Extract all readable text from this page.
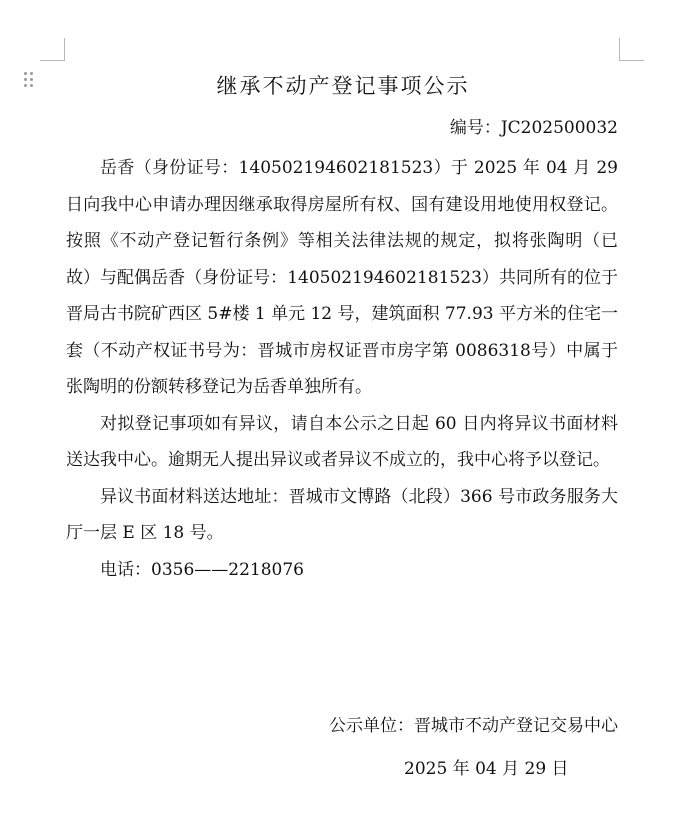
继承不动产登记事项公示
编号：JC202500032

岳香（身份证号：140502194602181523）于 2025 年 04 月 29 日向我中心申请办理因继承取得房屋所有权、国有建设用地使用权登记。按照《不动产登记暂行条例》等相关法律法规的规定，拟将张陶明（已故）与配偶岳香（身份证号：140502194602181523）共同所有的位于晋局古书院矿西区 5#楼 1 单元 12 号，建筑面积 77.93 平方米的住宅一套（不动产权证书号为：晋城市房权证晋市房字第 0086318号）中属于张陶明的份额转移登记为岳香单独所有。

对拟登记事项如有异议，请自本公示之日起 60 日内将异议书面材料送达我中心。逾期无人提出异议或者异议不成立的，我中心将予以登记。

异议书面材料送达地址：晋城市文博路（北段）366 号市政务服务大厅一层 E 区 18 号。

电话：0356——2218076

公示单位：晋城市不动产登记交易中心
2025 年 04 月 29 日
